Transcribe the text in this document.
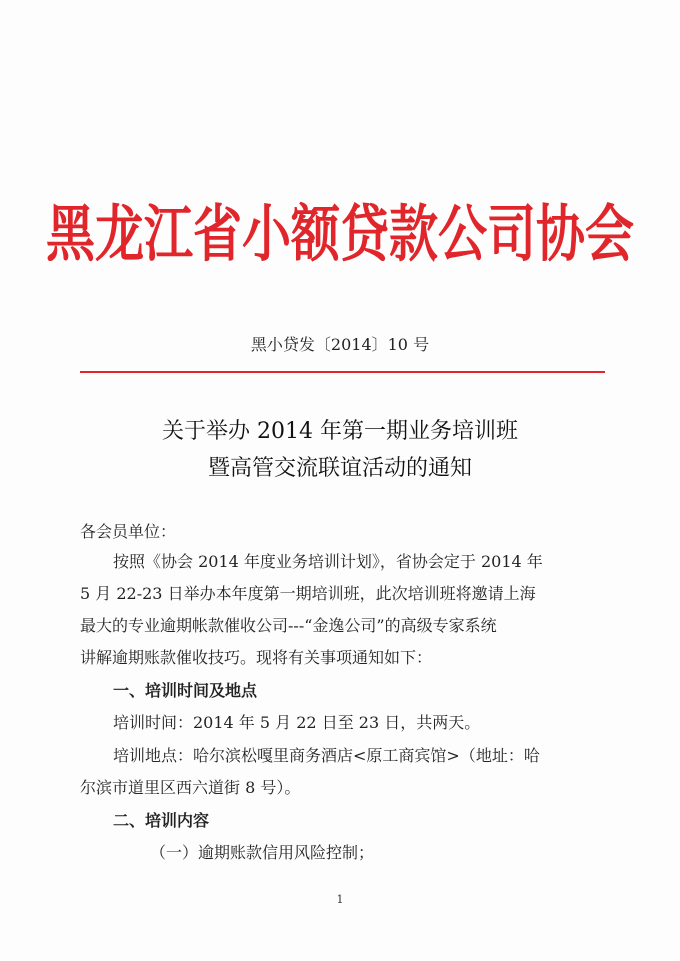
黑龙江省小额贷款公司协会
黑小贷发〔2014〕10 号
关于举办 2014 年第一期业务培训班
暨高管交流联谊活动的通知
各会员单位：
按照《协会 2014 年度业务培训计划》，省协会定于 2014 年
5 月 22-23 日举办本年度第一期培训班，此次培训班将邀请上海
最大的专业逾期帐款催收公司---“金逸公司”的高级专家系统
讲解逾期账款催收技巧。现将有关事项通知如下：
一、培训时间及地点
培训时间：2014 年 5 月 22 日至 23 日，共两天。
培训地点：哈尔滨松嘎里商务酒店<原工商宾馆>（地址：哈
尔滨市道里区西六道街 8 号）。
二、培训内容
（一）逾期账款信用风险控制；
1
